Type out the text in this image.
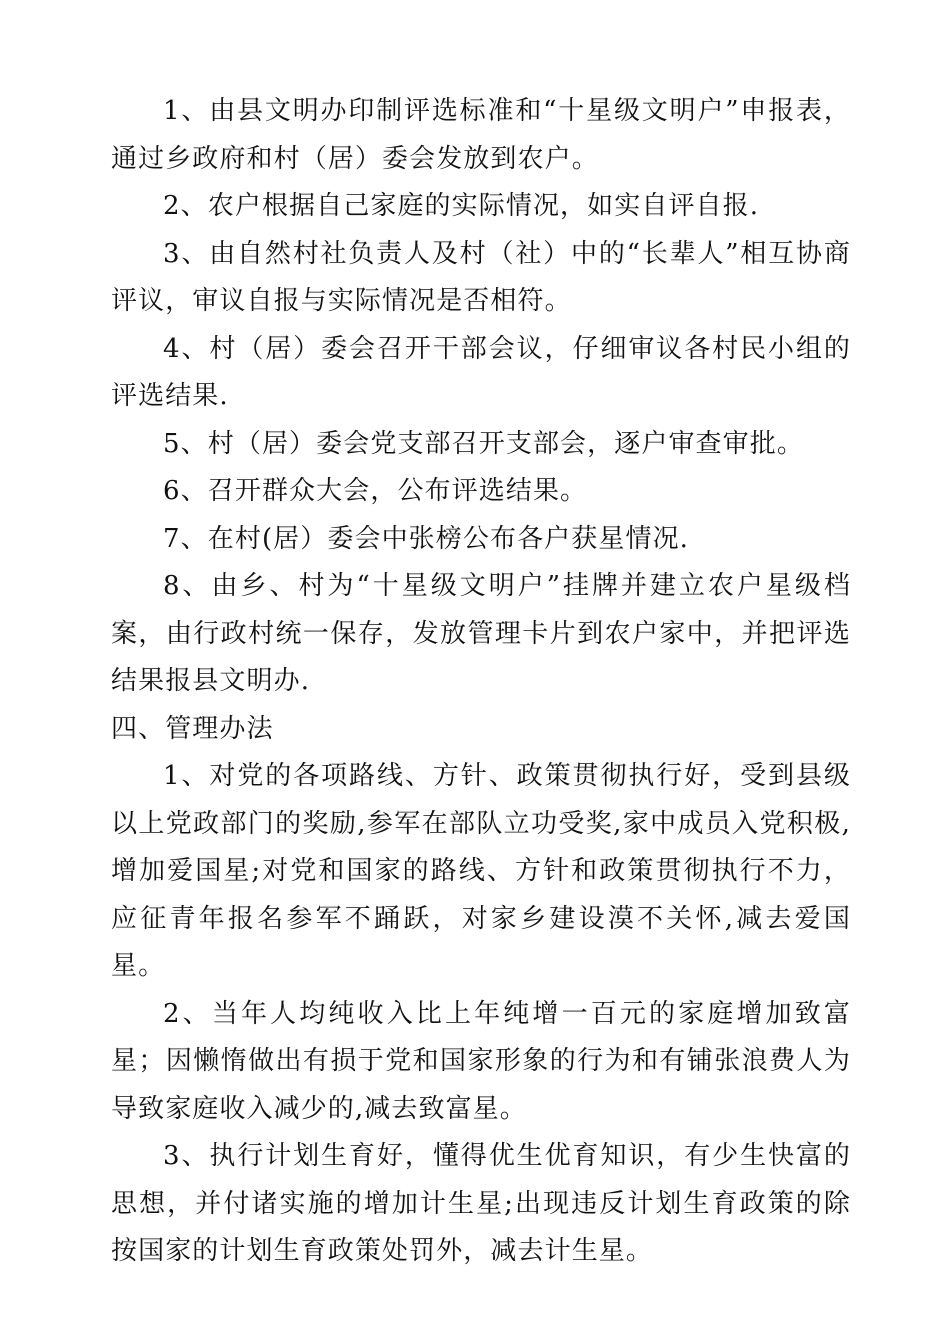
1、由县文明办印制评选标准和“十星级文明户”申报表，通过乡政府和村（居）委会发放到农户。

2、农户根据自己家庭的实际情况，如实自评自报.

3、由自然村社负责人及村（社）中的“长辈人”相互协商评议，审议自报与实际情况是否相符。

4、村（居）委会召开干部会议，仔细审议各村民小组的评选结果.

5、村（居）委会党支部召开支部会，逐户审查审批。

6、召开群众大会，公布评选结果。

7、在村(居）委会中张榜公布各户获星情况.

8、由乡、村为“十星级文明户”挂牌并建立农户星级档案，由行政村统一保存，发放管理卡片到农户家中，并把评选结果报县文明办.

四、管理办法

1、对党的各项路线、方针、政策贯彻执行好，受到县级以上党政部门的奖励,参军在部队立功受奖,家中成员入党积极,增加爱国星;对党和国家的路线、方针和政策贯彻执行不力，应征青年报名参军不踊跃，对家乡建设漠不关怀,减去爱国星。

2、当年人均纯收入比上年纯增一百元的家庭增加致富星；因懒惰做出有损于党和国家形象的行为和有铺张浪费人为导致家庭收入减少的,减去致富星。

3、执行计划生育好，懂得优生优育知识，有少生快富的思想，并付诸实施的增加计生星;出现违反计划生育政策的除按国家的计划生育政策处罚外，减去计生星。
